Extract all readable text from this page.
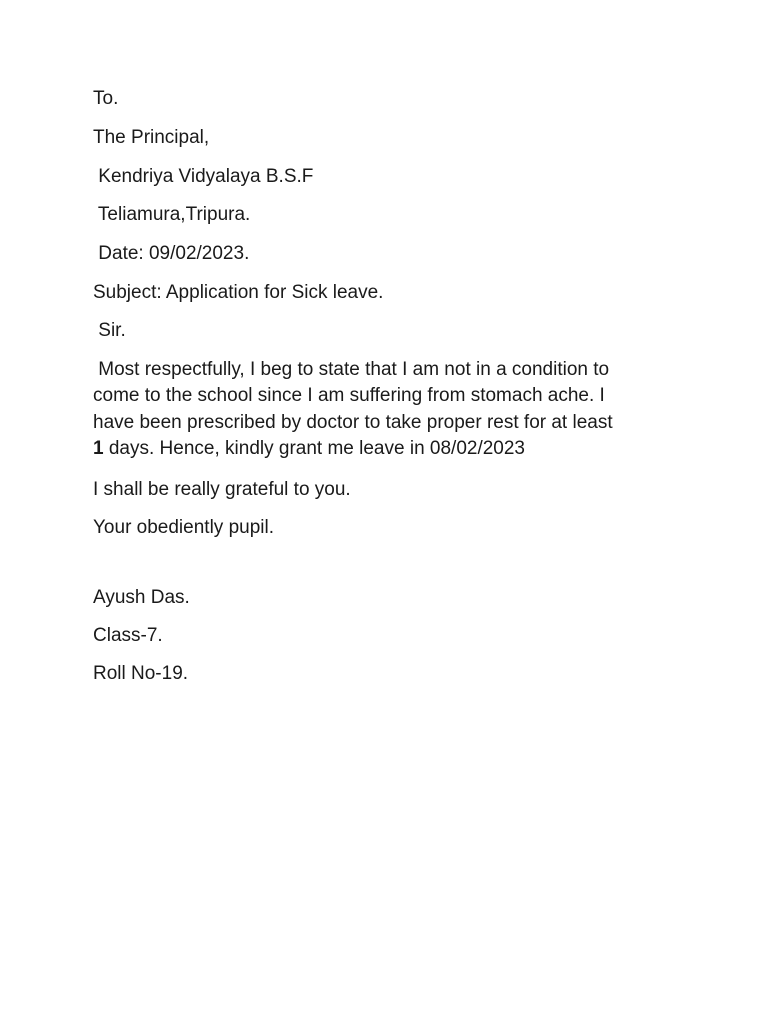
To.

The Principal,

Kendriya Vidyalaya B.S.F

Teliamura,Tripura.

Date: 09/02/2023.

Subject: Application for Sick leave.

Sir.

Most respectfully, I beg to state that I am not in a condition to
come to the school since I am suffering from stomach ache. I
have been prescribed by doctor to take proper rest for at least
1 days. Hence, kindly grant me leave in 08/02/2023

I shall be really grateful to you.

Your obediently pupil.

Ayush Das.

Class-7.

Roll No-19.
